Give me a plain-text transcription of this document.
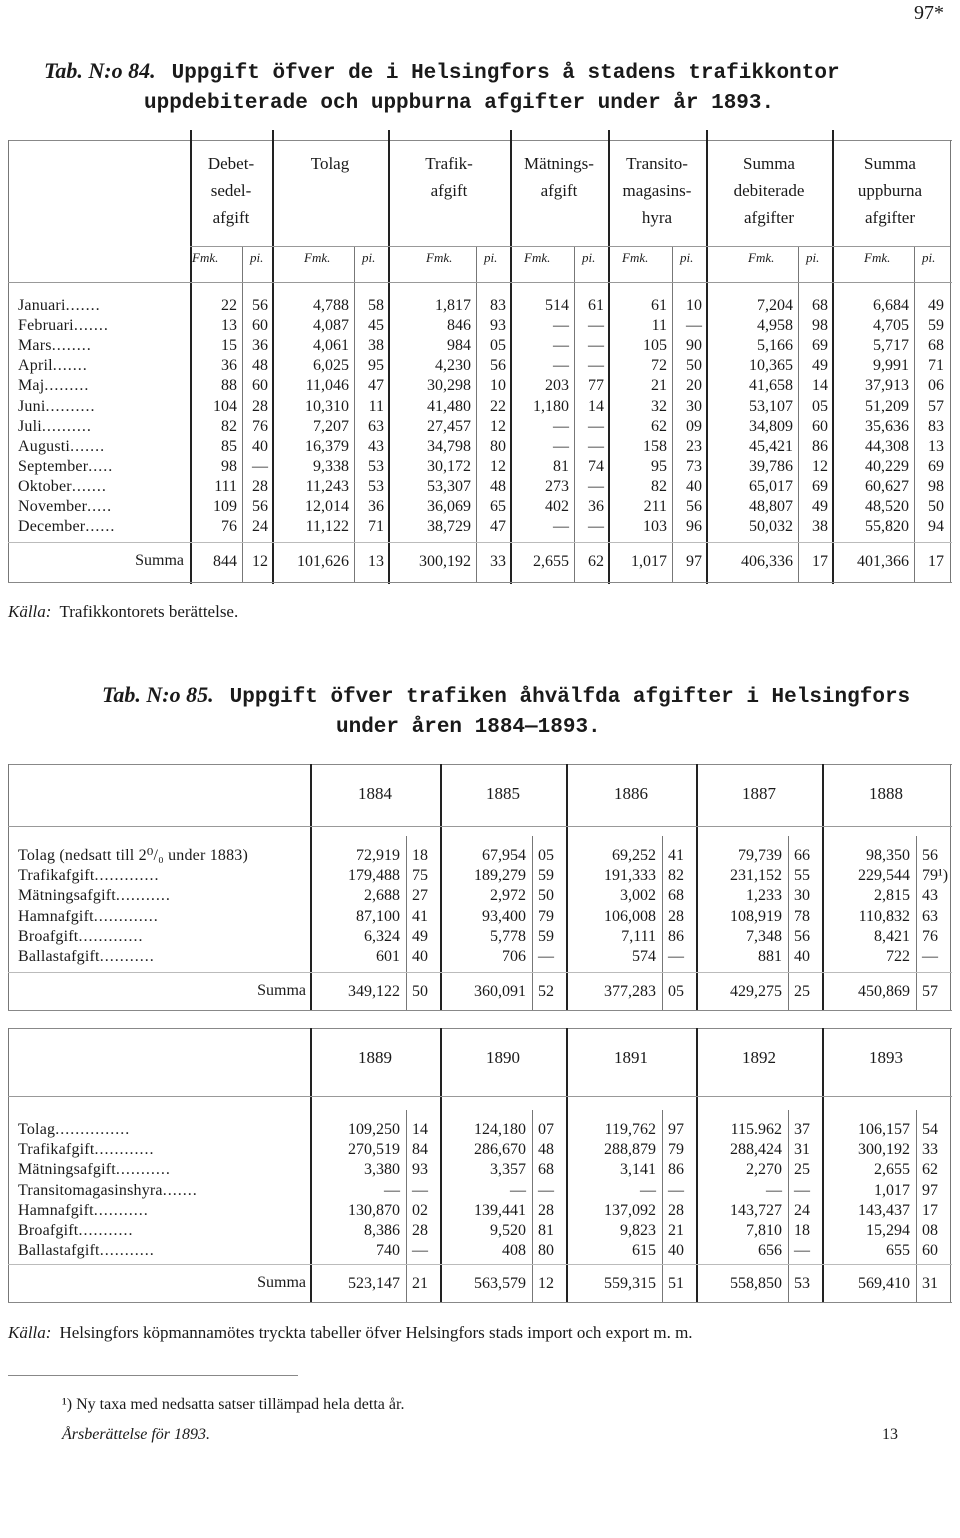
97*
Tab. N:o 84. Uppgift öfver de i Helsingfors å stadens trafikkontor
uppdebiterade och uppburna afgifter under år 1893.
Debet-
sedel-
afgift
Fmk. pi.
Tolag
Fmk. pi.
Trafik-
afgift
Fmk. pi.
Mätnings-
afgift
Fmk. pi.
Transito-
magasins-
hyra
Fmk. pi.
Summa
debiterade
afgifter
Fmk. pi.
Summa
uppburna
afgifter
Fmk. pi.
Januari.......	22 56	4,788	58	1,817	83	514	61	61	10	7,204	68	6,684	49
Februari.......	13 60	4,087	45	846	93	—	—	11	—	4,958	98	4,705	59
Mars........	15 36	4,061	38	984	05	—	—	105	90	5,166	69	5,717	68
April.......	36 48	6,025	95	4,230	56	—	—	72	50	10,365	49	9,991	71
Maj.........	88 60	11,046	47	30,298	10	203	77	21	20	41,658	14	37,913	06
Juni..........	104 28	10,310	11	41,480	22	1,180	14	32	30	53,107	05	51,209	57
Juli..........	82 76	7,207	63	27,457	12	—	—	62	09	34,809	60	35,636	83
Augusti.......	85 40	16,379	43	34,798	80	—	—	158	23	45,421	86	44,308	13
September.....	98 —	9,338	53	30,172	12	81	74	95	73	39,786	12	40,229	69
Oktober.......	111 28	11,243	53	53,307	48	273	—	82	40	65,017	69	60,627	98
November.....	109 56	12,014	36	36,069	65	402	36	211	56	48,807	49	48,520	50
December......	76 24	11,122	71	38,729	47	—	—	103	96	50,032	38	55,820	94
Summa	844 12	101,626	13	300,192	33	2,655	62	1,017	97	406,336	17	401,366	17
Källa: Trafikkontorets berättelse.
Tab. N:o 85. Uppgift öfver trafiken åhvälfda afgifter i Helsingfors
under åren 1884—1893.
1884	1885	1886	1887	1888
Tolag (nedsatt till 2⁰/₀ under 1883)	72,919 18	67,954 05	69,252 41	79,739 66	98,350 56
Trafikafgift.............	179,488 75	189,279 59	191,333 82	231,152 55	229,544 79¹)
Mätningsafgift...........	2,688 27	2,972 50	3,002 68	1,233 30	2,815 43
Hamnafgift.............	87,100 41	93,400 79	106,008 28	108,919 78	110,832 63
Broafgift.............	6,324 49	5,778 59	7,111 86	7,348 56	8,421 76
Ballastafgift...........	601 40	706 —	574 —	881 40	722 —
Summa	349,122 50	360,091 52	377,283 05	429,275 25	450,869 57
1889	1890	1891	1892	1893
Tolag...............	109,250 14	124,180 07	119,762 97	115.962 37	106,157 54
Trafikafgift............	270,519 84	286,670 48	288,879 79	288,424 31	300,192 33
Mätningsafgift...........	3,380 93	3,357 68	3,141 86	2,270 25	2,655 62
Transitomagasinshyra.......	— —	— —	— —	— —	1,017 97
Hamnafgift...........	130,870 02	139,441 28	137,092 28	143,727 24	143,437 17
Broafgift...........	8,386 28	9,520 81	9,823 21	7,810 18	15,294 08
Ballastafgift...........	740 —	408 80	615 40	656 —	655 60
Summa	523,147 21	563,579 12	559,315 51	558,850 53	569,410 31
Källa: Helsingfors köpmannamötes tryckta tabeller öfver Helsingfors stads import och export m. m.
¹) Ny taxa med nedsatta satser tillämpad hela detta år.
Årsberättelse för 1893.	13
